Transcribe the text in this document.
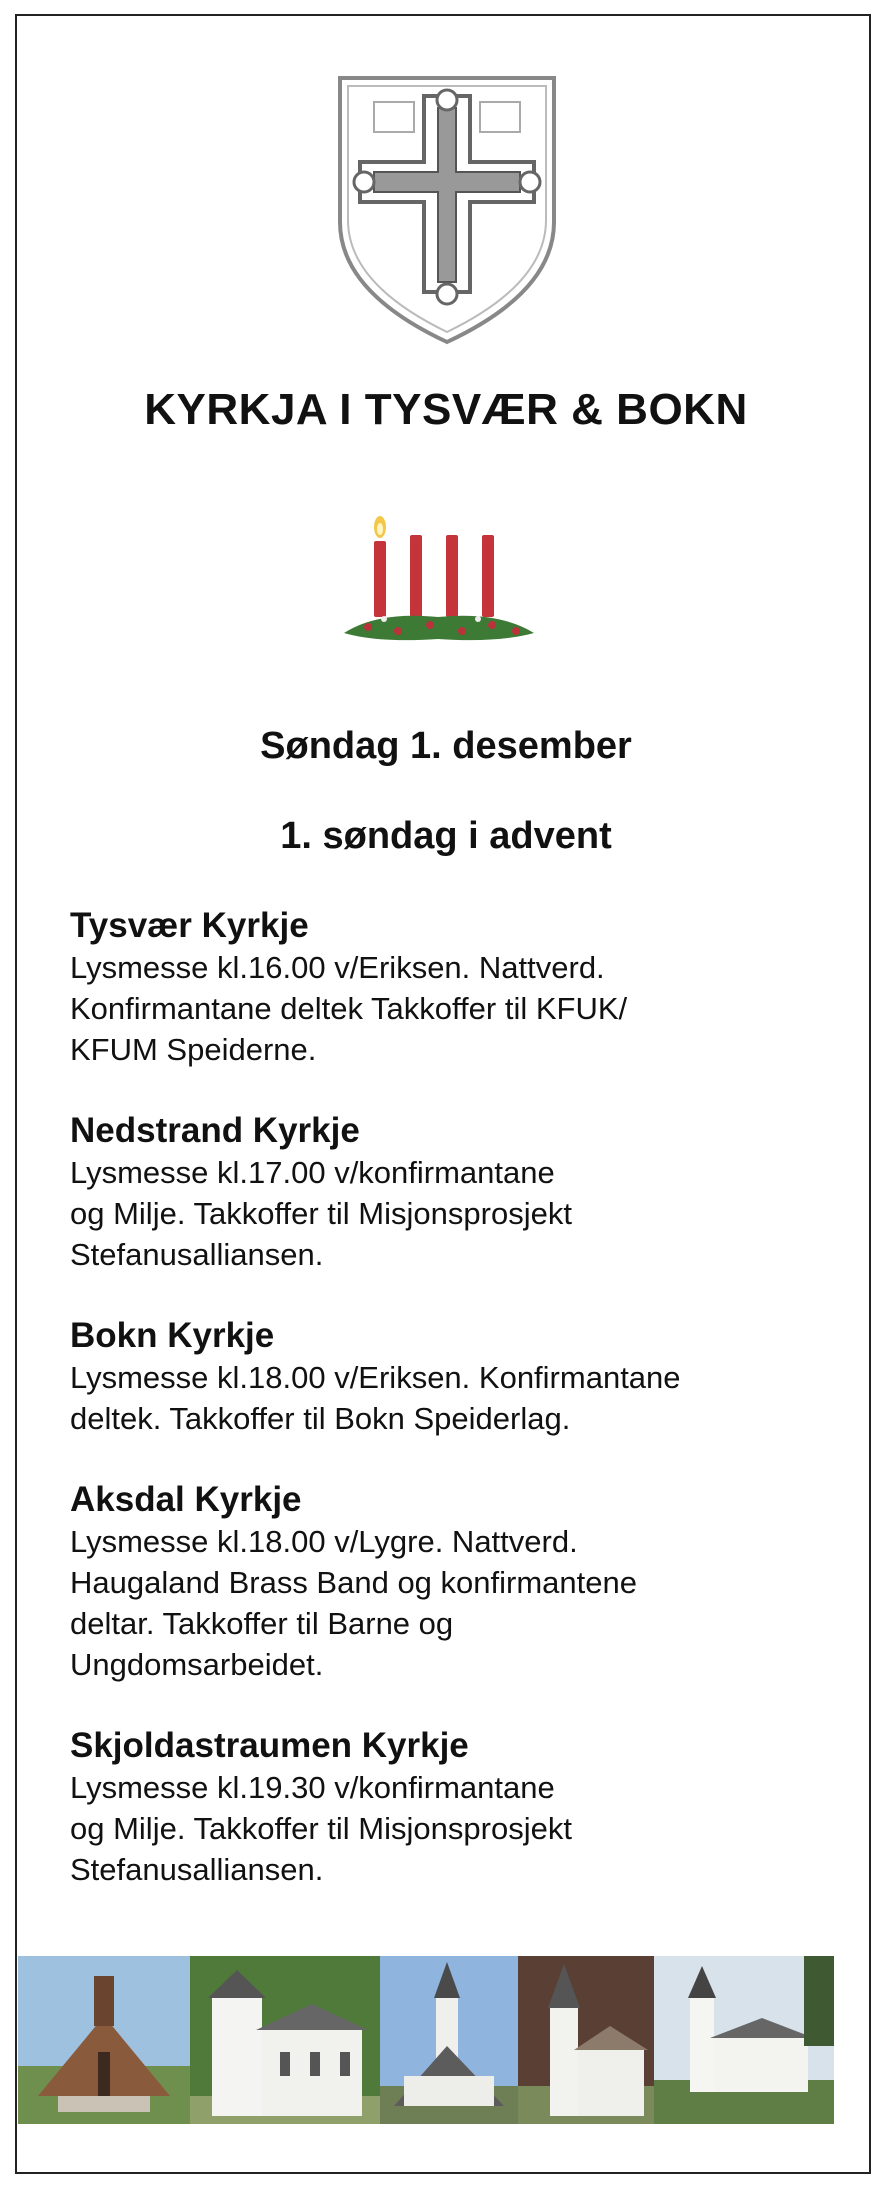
KYRKJA I TYSVÆR & BOKN
Søndag 1. desember
1. søndag i advent
Tysvær Kyrkje
Lysmesse kl.16.00 v/Eriksen. Nattverd.
Konfirmantane deltek Takkoffer til KFUK/
KFUM Speiderne.
Nedstrand Kyrkje
Lysmesse kl.17.00 v/konfirmantane
og Milje. Takkoffer til Misjonsprosjekt
Stefanusalliansen.
Bokn Kyrkje
Lysmesse kl.18.00 v/Eriksen. Konfirmantane
deltek. Takkoffer til Bokn Speiderlag.
Aksdal Kyrkje
Lysmesse kl.18.00 v/Lygre. Nattverd.
Haugaland Brass Band og konfirmantene
deltar. Takkoffer til Barne og
Ungdomsarbeidet.
Skjoldastraumen Kyrkje
Lysmesse kl.19.30 v/konfirmantane
og Milje. Takkoffer til Misjonsprosjekt
Stefanusalliansen.
